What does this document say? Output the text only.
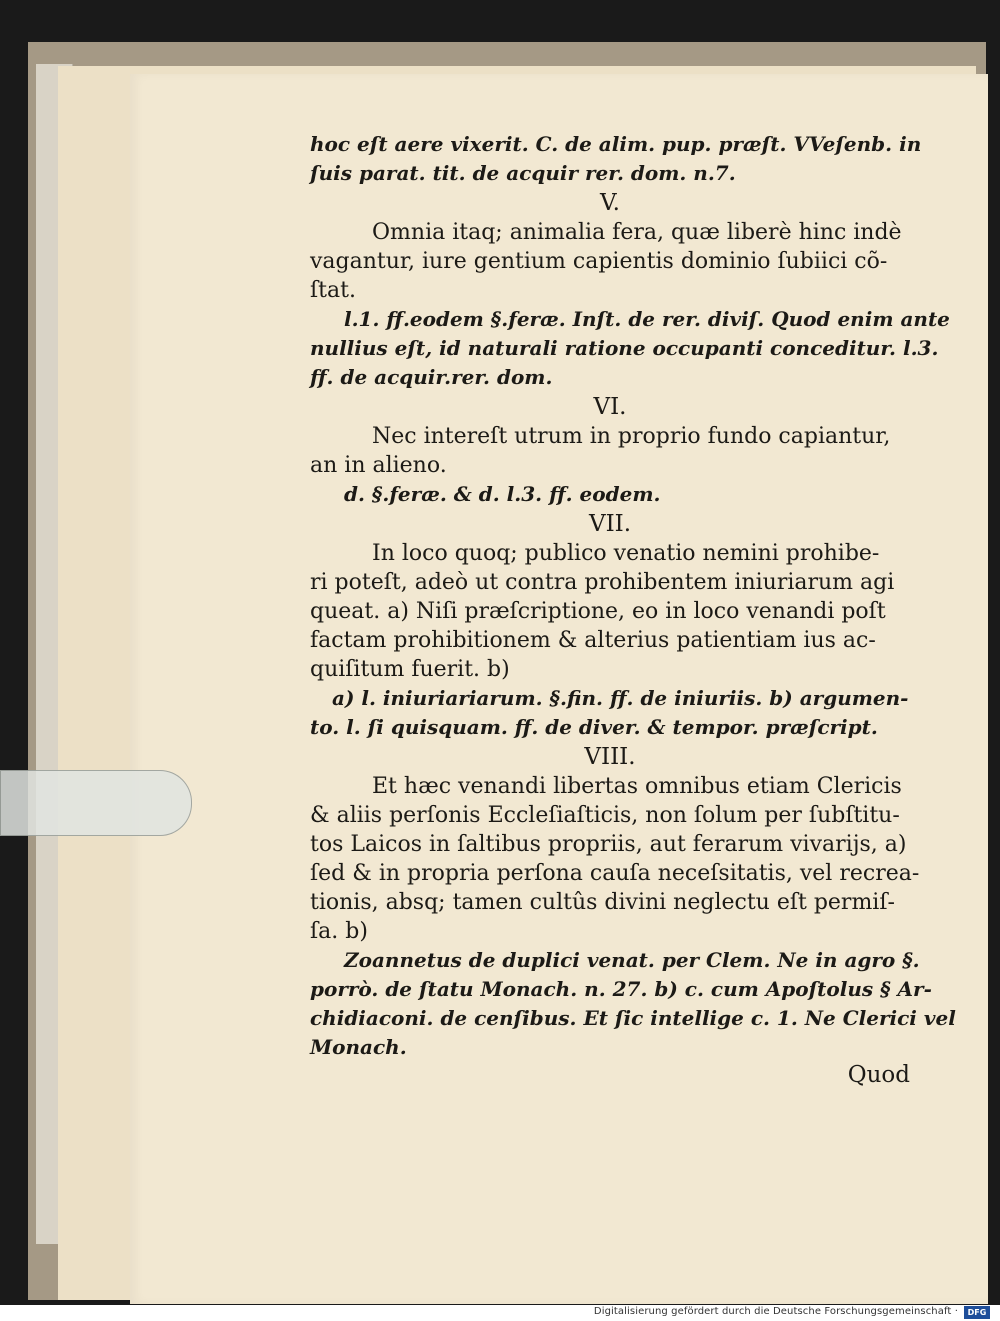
hoc eſt aere vixerit. C. de alim. pup. præſt. VVeſenb. in
ſuis parat. tit. de acquir rer. dom. n.7.
V.
Omnia itaq; animalia fera, quæ liberè hinc indè
vagantur, iure gentium capientis dominio ſubiici cõ-
ſtat.
l.1. ff.eodem §.feræ. Inſt. de rer. diviſ. Quod enim ante
nullius eſt, id naturali ratione occupanti conceditur. l.3.
ff. de acquir.rer. dom.
VI.
Nec intereſt utrum in proprio fundo capiantur,
an in alieno.
d. §.feræ. & d. l.3. ff. eodem.
VII.
In loco quoq; publico venatio nemini prohibe-
ri poteſt, adeò ut contra prohibentem iniuriarum agi
queat. a) Niſi præſcriptione, eo in loco venandi poſt
factam prohibitionem & alterius patientiam ius ac-
quiſitum fuerit. b)
a) l. iniuriariarum. §.fin. ff. de iniuriis. b) argumen-
to. l. ſi quisquam. ff. de diver. & tempor. præſcript.
VIII.
Et hæc venandi libertas omnibus etiam Clericis
& aliis perſonis Eccleſiaſticis, non ſolum per ſubſtitu-
tos Laicos in ſaltibus propriis, aut ferarum vivarijs, a)
ſed & in propria perſona cauſa neceſsitatis, vel recrea-
tionis, absq; tamen cultûs divini neglectu eſt permiſ-
ſa. b)
Zoannetus de duplici venat. per Clem. Ne in agro §.
porrò. de ſtatu Monach. n. 27. b) c. cum Apoſtolus § Ar-
chidiaconi. de cenſibus. Et ſic intellige c. 1. Ne Clerici vel
Monach.
Quod
Digitalisierung gefördert durch die Deutsche Forschungsgemeinschaft ·	DFG
